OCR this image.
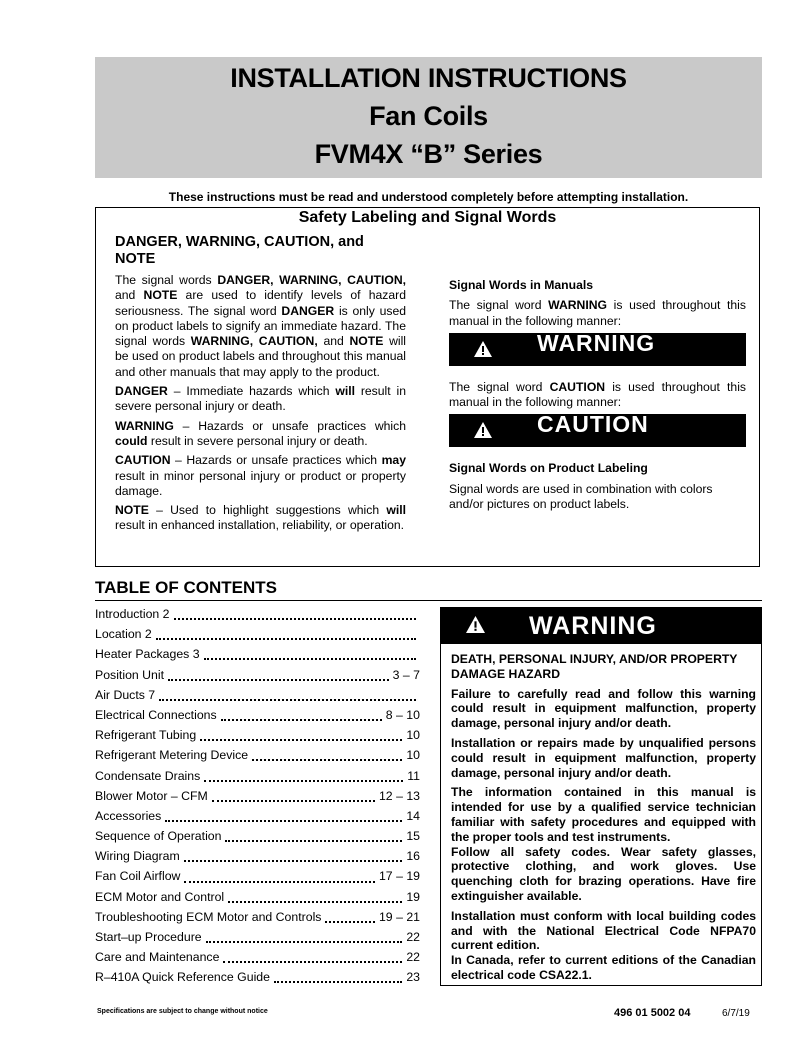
INSTALLATION INSTRUCTIONS
Fan Coils
FVM4X “B” Series
These instructions must be read and understood completely before attempting installation.
Safety Labeling and Signal Words
DANGER, WARNING, CAUTION, and NOTE

The signal words DANGER, WARNING, CAUTION, and NOTE are used to identify levels of hazard seriousness. The signal word DANGER is only used on product labels to signify an immediate hazard. The signal words WARNING, CAUTION, and NOTE will be used on product labels and throughout this manual and other manuals that may apply to the product.

DANGER – Immediate hazards which will result in severe personal injury or death.

WARNING – Hazards or unsafe practices which could result in severe personal injury or death.

CAUTION – Hazards or unsafe practices which may result in minor personal injury or product or property damage.

NOTE – Used to highlight suggestions which will result in enhanced installation, reliability, or operation.

Signal Words in Manuals

The signal word WARNING is used throughout this manual in the following manner:

WARNING

The signal word CAUTION is used throughout this manual in the following manner:

CAUTION
Signal Words on Product Labeling

Signal words are used in combination with colors and/or pictures on product labels.

TABLE OF CONTENTS
Introduction 2
Location 2
Heater Packages 3
Position Unit	3 – 7
Air Ducts 7
Electrical Connections	8 – 10
Refrigerant Tubing	10
Refrigerant Metering Device	10
Condensate Drains	11
Blower Motor – CFM	12 – 13
Accessories	14
Sequence of Operation	15
Wiring Diagram	16
Fan Coil Airflow	17 – 19
ECM Motor and Control	19
Troubleshooting ECM Motor and Controls	19 – 21
Start–up Procedure	22
Care and Maintenance	22
R–410A Quick Reference Guide	23
WARNING

DEATH, PERSONAL INJURY, AND/OR PROPERTY DAMAGE HAZARD

Failure to carefully read and follow this warning could result in equipment malfunction, property damage, personal injury and/or death.

Installation or repairs made by unqualified persons could result in equipment malfunction, property damage, personal injury and/or death.

The information contained in this manual is intended for use by a qualified service technician familiar with safety procedures and equipped with the proper tools and test instruments.

Follow all safety codes. Wear safety glasses, protective clothing, and work gloves. Use quenching cloth for brazing operations. Have fire extinguisher available.

Installation must conform with local building codes and with the National Electrical Code NFPA70 current edition.

In Canada, refer to current editions of the Canadian electrical code CSA22.1.

Specifications are subject to change without notice	496 01 5002 04	6/7/19
